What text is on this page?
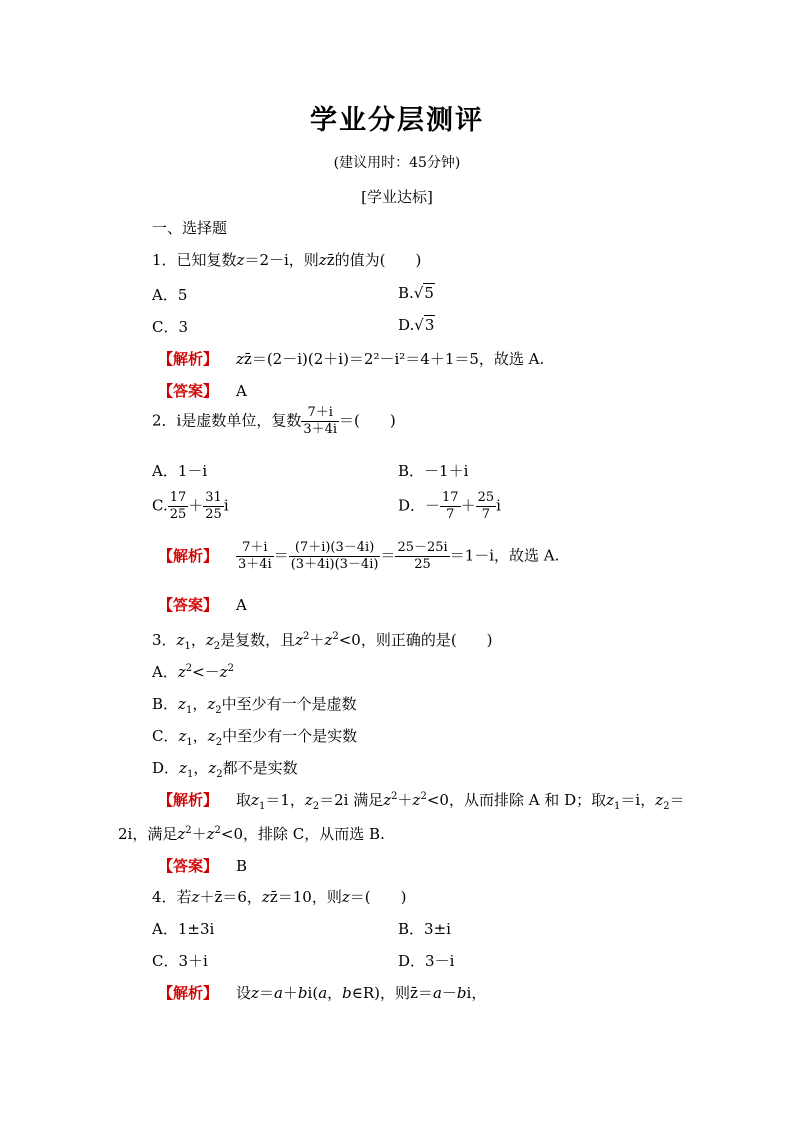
学业分层测评
(建议用时：45分钟)
[学业达标]
一、选择题
1．已知复数z＝2－i，则zz̄的值为(　　)
A．5	B.√5
C．3	D.√3
【解析】 zz̄＝(2－i)(2＋i)＝2²－i²＝4＋1＝5，故选 A.
【答案】 A
2．i是虚数单位，复数 $\frac{7+i}{3+4i}$ ＝(　　)
A．1－i	B．－1＋i
C. $\frac{17}{25} + \frac{31}{25}$ i	D．－ $\frac{17}{7} + \frac{25}{7}$ i
【解析】 $\frac{7+i}{3+4i} = \frac{(7+i)(3-4i)}{(3+4i)(3-4i)} = \frac{25-25i}{25} =1-i$，故选 A.
【答案】 A
3．$z_1$，$z_2$是复数，且$z^2+z^2<0$，则正确的是(　　)
A．$z^2<-z^2$
B．$z_1$，$z_2$中至少有一个是虚数
C．$z_1$，$z_2$中至少有一个是实数
D．$z_1$，$z_2$都不是实数
【解析】 取$z_1=1$，$z_2=2i$ 满足$z^2+z^2<0$，从而排除 A 和 D；取$z_1=i$，$z_2=$
2i，满足$z^2+z^2<0$，排除 C，从而选 B.
【答案】 B
4．若z＋z̄＝6，zz̄＝10，则z＝(　　)
A．1±3i	B．3±i
C．3＋i	D．3－i
【解析】 设z＝a＋bi(a，b∈R)，则z̄＝a－bi，
